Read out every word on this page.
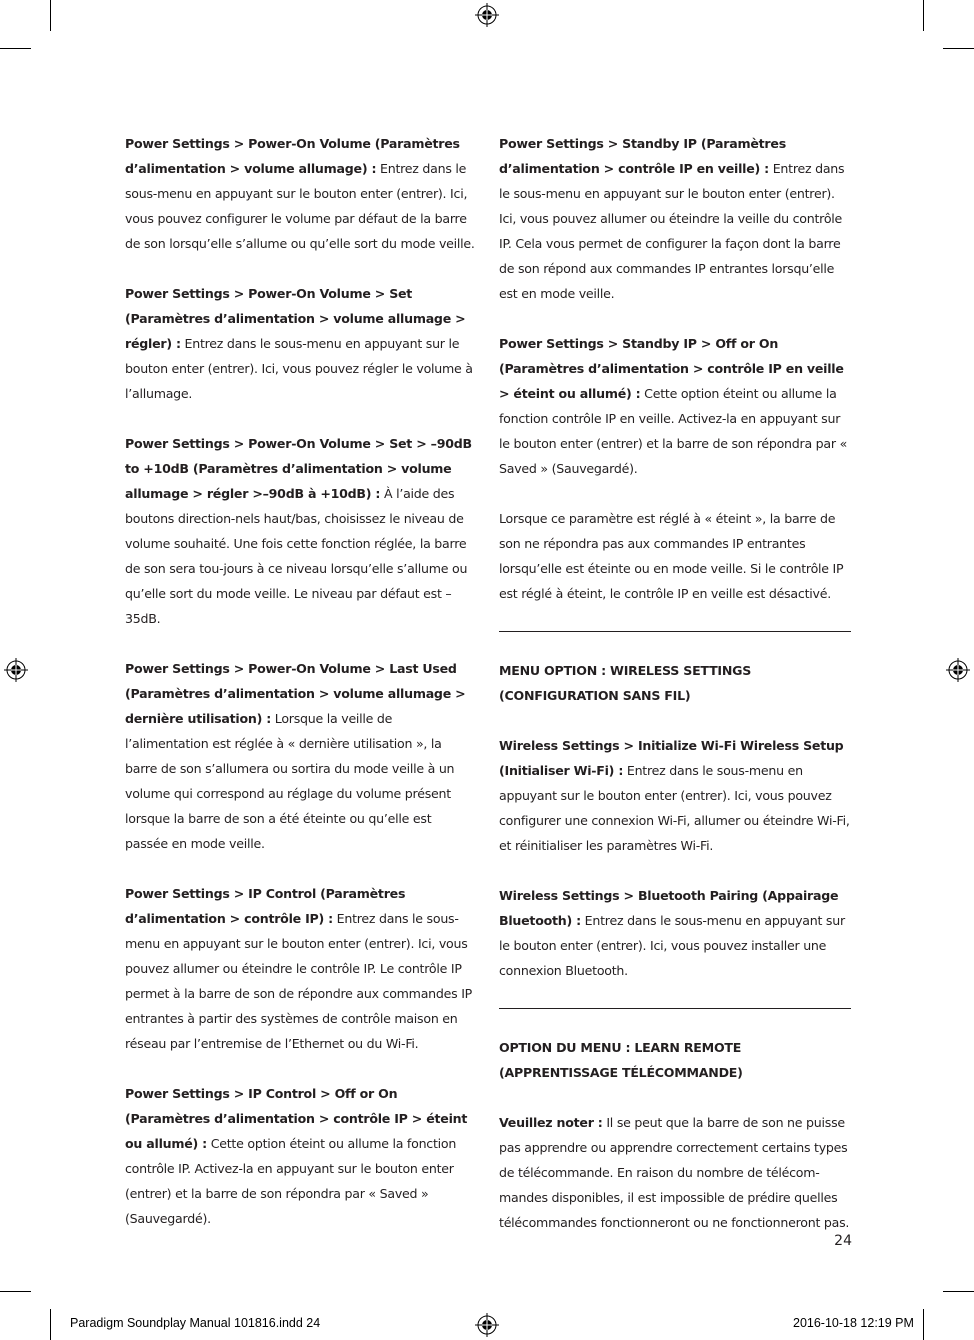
Power Settings > Power-On Volume (Paramètres d’alimentation > volume allumage) : Entrez dans le sous-menu en appuyant sur le bouton enter (entrer). Ici, vous pouvez configurer le volume par défaut de la barre de son lorsqu’elle s’allume ou qu’elle sort du mode veille.

Power Settings > Power-On Volume > Set (Paramètres d’alimentation > volume allumage > régler) : Entrez dans le sous-menu en appuyant sur le bouton enter (entrer). Ici, vous pouvez régler le volume à l’allumage.

Power Settings > Power-On Volume > Set > –90dB to +10dB (Paramètres d’alimentation > volume allumage > régler >–90dB à +10dB) : À l’aide des boutons direction-nels haut/bas, choisissez le niveau de volume souhaité. Une fois cette fonction réglée, la barre de son sera tou-jours à ce niveau lorsqu’elle s’allume ou qu’elle sort du mode veille. Le niveau par défaut est –35dB.

Power Settings > Power-On Volume > Last Used (Paramètres d’alimentation > volume allumage > dernière utilisation) : Lorsque la veille de l’alimentation est réglée à « dernière utilisation », la barre de son s’allumera ou sortira du mode veille à un volume qui correspond au réglage du volume présent lorsque la barre de son a été éteinte ou qu’elle est passée en mode veille.

Power Settings > IP Control (Paramètres d’alimentation > contrôle IP) : Entrez dans le sous-menu en appuyant sur le bouton enter (entrer). Ici, vous pouvez allumer ou éteindre le contrôle IP. Le contrôle IP permet à la barre de son de répondre aux commandes IP entrantes à partir des systèmes de contrôle maison en réseau par l’entremise de l’Ethernet ou du Wi-Fi.

Power Settings > IP Control > Off or On (Paramètres d’alimentation > contrôle IP > éteint ou allumé) : Cette option éteint ou allume la fonction contrôle IP. Activez-la en appuyant sur le bouton enter (entrer) et la barre de son répondra par « Saved » (Sauvegardé).

Power Settings > Standby IP (Paramètres d’alimentation > contrôle IP en veille) : Entrez dans le sous-menu en appuyant sur le bouton enter (entrer). Ici, vous pouvez allumer ou éteindre la veille du contrôle IP. Cela vous permet de configurer la façon dont la barre de son répond aux commandes IP entrantes lorsqu’elle est en mode veille.

Power Settings > Standby IP > Off or On (Paramètres d’alimentation > contrôle IP en veille > éteint ou allumé) : Cette option éteint ou allume la fonction contrôle IP en veille. Activez-la en appuyant sur le bouton enter (entrer) et la barre de son répondra par « Saved » (Sauvegardé).

Lorsque ce paramètre est réglé à « éteint », la barre de son ne répondra pas aux commandes IP entrantes lorsqu’elle est éteinte ou en mode veille. Si le contrôle IP est réglé à éteint, le contrôle IP en veille est désactivé.

MENU OPTION : WIRELESS SETTINGS
(CONFIGURATION SANS FIL)

Wireless Settings > Initialize Wi-Fi Wireless Setup (Initialiser Wi-Fi) : Entrez dans le sous-menu en appuyant sur le bouton enter (entrer). Ici, vous pouvez configurer une connexion Wi-Fi, allumer ou éteindre Wi-Fi, et réinitialiser les paramètres Wi-Fi.

Wireless Settings > Bluetooth Pairing (Appairage Bluetooth) : Entrez dans le sous-menu en appuyant sur le bouton enter (entrer). Ici, vous pouvez installer une connexion Bluetooth.

OPTION DU MENU : LEARN REMOTE
(APPRENTISSAGE TÉLÉCOMMANDE)

Veuillez noter : Il se peut que la barre de son ne puisse pas apprendre ou apprendre correctement certains types de télécommande. En raison du nombre de télécom-mandes disponibles, il est impossible de prédire quelles télécommandes fonctionneront ou ne fonctionneront pas.

24
Paradigm Soundplay Manual 101816.indd 24	2016-10-18 12:19 PM
